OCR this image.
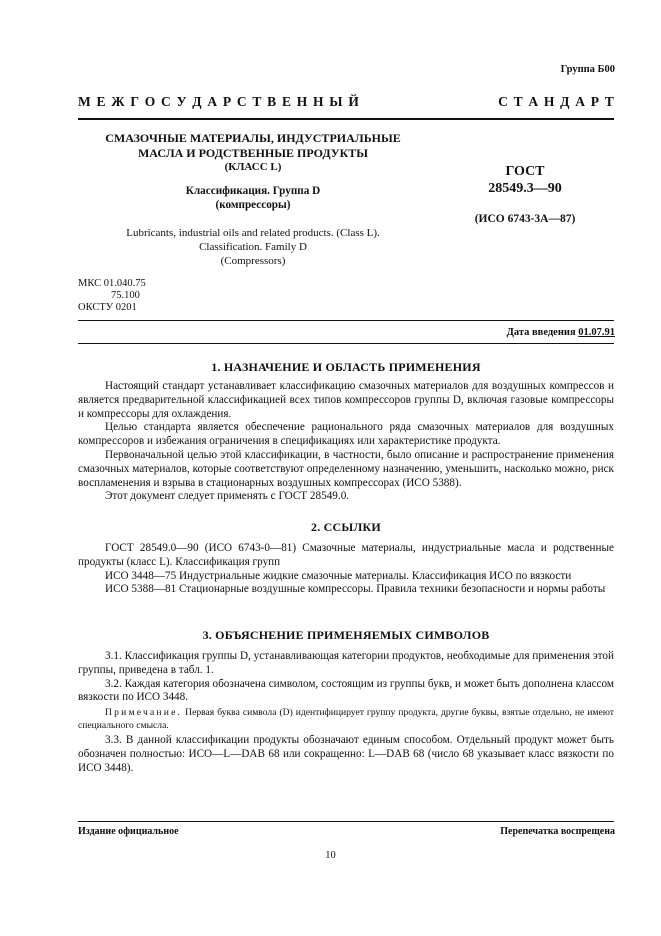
Группа Б00
М Е Ж Г О С У Д А Р С Т В Е Н Н Ы Й	С Т А Н Д А Р Т
СМАЗОЧНЫЕ МАТЕРИАЛЫ, ИНДУСТРИАЛЬНЫЕ
МАСЛА И РОДСТВЕННЫЕ ПРОДУКТЫ
(КЛАСС L)
Классификация. Группа D
(компрессоры)
Lubricants, industrial oils and related products. (Class L).
Classification. Family D
(Compressors)
ГОСТ
28549.3—90
(ИСО 6743-3А—87)
МКС 01.040.75
75.100
ОКСТУ 0201
Дата введения 01.07.91
1. НАЗНАЧЕНИЕ И ОБЛАСТЬ ПРИМЕНЕНИЯ
Настоящий стандарт устанавливает классификацию смазочных материалов для воздушных компрессов и является предварительной классификацией всех типов компрессоров группы D, включая газовые компрессоры и компрессоры для охлаждения.
Целью стандарта является обеспечение рационального ряда смазочных материалов для воздушных компрессоров и избежания ограничения в спецификациях или характеристике продукта.
Первоначальной целью этой классификации, в частности, было описание и распространение применения смазочных материалов, которые соответствуют определенному назначению, уменьшить, насколько можно, риск воспламенения и взрыва в стационарных воздушных компрессорах (ИСО 5388).
Этот документ следует применять с ГОСТ 28549.0.
2. ССЫЛКИ
ГОСТ 28549.0—90 (ИСО 6743-0—81) Смазочные материалы, индустриальные масла и родственные продукты (класс L). Классификация групп
ИСО 3448—75 Индустриальные жидкие смазочные материалы. Классификация ИСО по вязкости
ИСО 5388—81 Стационарные воздушные компрессоры. Правила техники безопасности и нормы работы
3. ОБЪЯСНЕНИЕ ПРИМЕНЯЕМЫХ СИМВОЛОВ
3.1. Классификация группы D, устанавливающая категории продуктов, необходимые для применения этой группы, приведена в табл. 1.
3.2. Каждая категория обозначена символом, состоящим из группы букв, и может быть дополнена классом вязкости по ИСО 3448.
Примечание. Первая буква символа (D) идентифицирует группу продукта, другие буквы, взятые отдельно, не имеют специального смысла.
3.3. В данной классификации продукты обозначают единым способом. Отдельный продукт может быть обозначен полностью: ИСО—L—DAB 68 или сокращенно: L—DAB 68 (число 68 указывает класс вязкости по ИСО 3448).
Издание официальное	Перепечатка воспрещена
10
